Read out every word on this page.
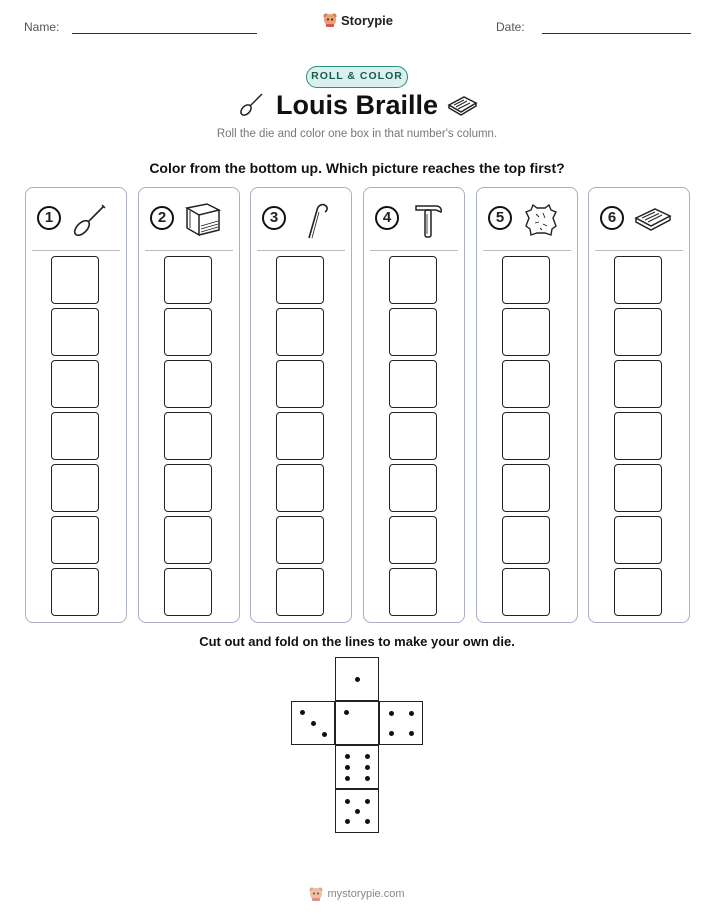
Name:	Storypie	Date:
ROLL & COLOR
Louis Braille
Roll the die and color one box in that number's column.
Color from the bottom up. Which picture reaches the top first?
1	2	3	4	5	6
Cut out and fold on the lines to make your own die.
mystorypie.com
